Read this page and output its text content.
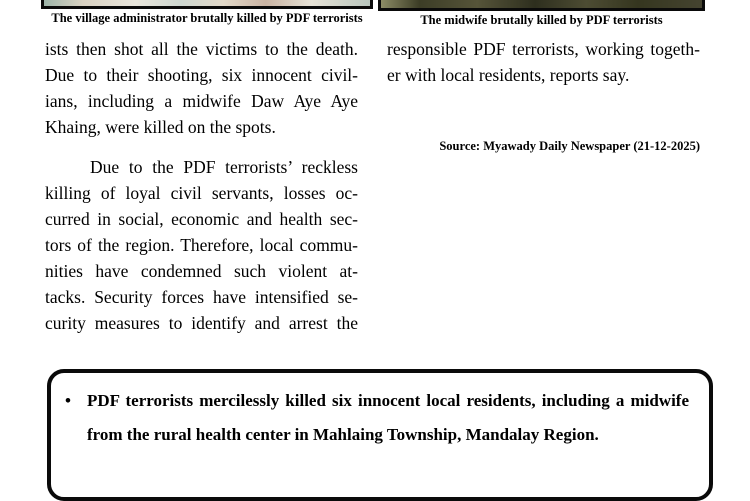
The village administrator brutally killed by PDF terrorists	The midwife brutally killed by PDF terrorists
ists then shot all the victims to the death.
Due to their shooting, six innocent civil-
ians, including a midwife Daw Aye Aye
Khaing, were killed on the spots.
Due to the PDF terrorists’ reckless
killing of loyal civil servants, losses oc-
curred in social, economic and health sec-
tors of the region. Therefore, local commu-
nities have condemned such violent at-
tacks. Security forces have intensified se-
curity measures to identify and arrest the
responsible PDF terrorists, working togeth-
er with local residents, reports say.
Source: Myawady Daily Newspaper (21-12-2025)
• PDF terrorists mercilessly killed six innocent local residents, including a midwife
from the rural health center in Mahlaing Township, Mandalay Region.
